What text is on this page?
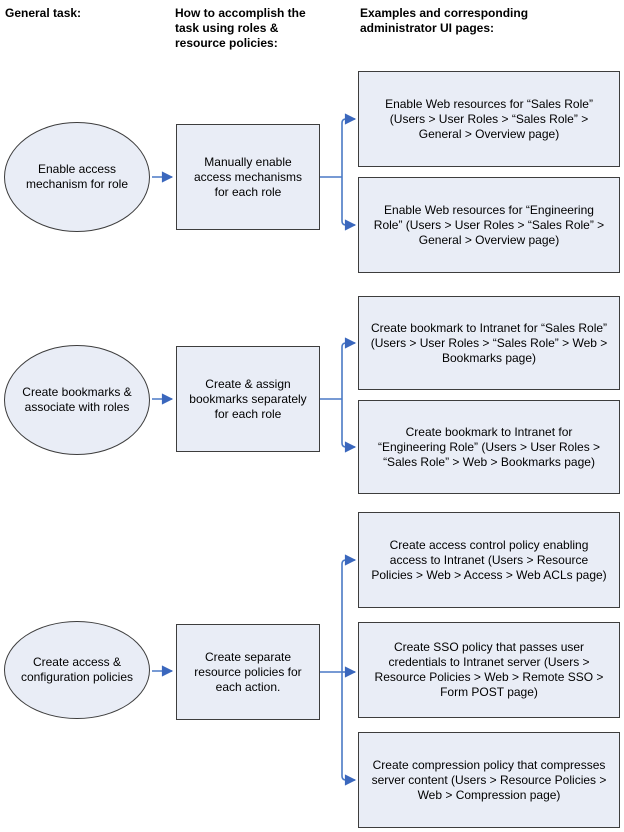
General task:	How to accomplish the task using roles & resource policies:
Examples and corresponding administrator UI pages:
Enable access mechanism for role
Manually enable access mechanisms for each role
Enable Web resources for “Sales Role” (Users > User Roles > “Sales Role” > General > Overview page)
Enable Web resources for “Engineering Role” (Users > User Roles > “Sales Role” > General > Overview page)
Create bookmarks & associate with roles
Create & assign bookmarks separately for each role
Create bookmark to Intranet for “Sales Role” (Users > User Roles > “Sales Role” > Web > Bookmarks page)
Create bookmark to Intranet for “Engineering Role” (Users > User Roles > “Sales Role” > Web > Bookmarks page)
Create access & configuration policies
Create separate resource policies for each action.
Create access control policy enabling access to Intranet (Users > Resource Policies > Web > Access > Web ACLs page)
Create SSO policy that passes user credentials to Intranet server (Users > Resource Policies > Web > Remote SSO > Form POST page)
Create compression policy that compresses server content (Users > Resource Policies > Web > Compression page)
